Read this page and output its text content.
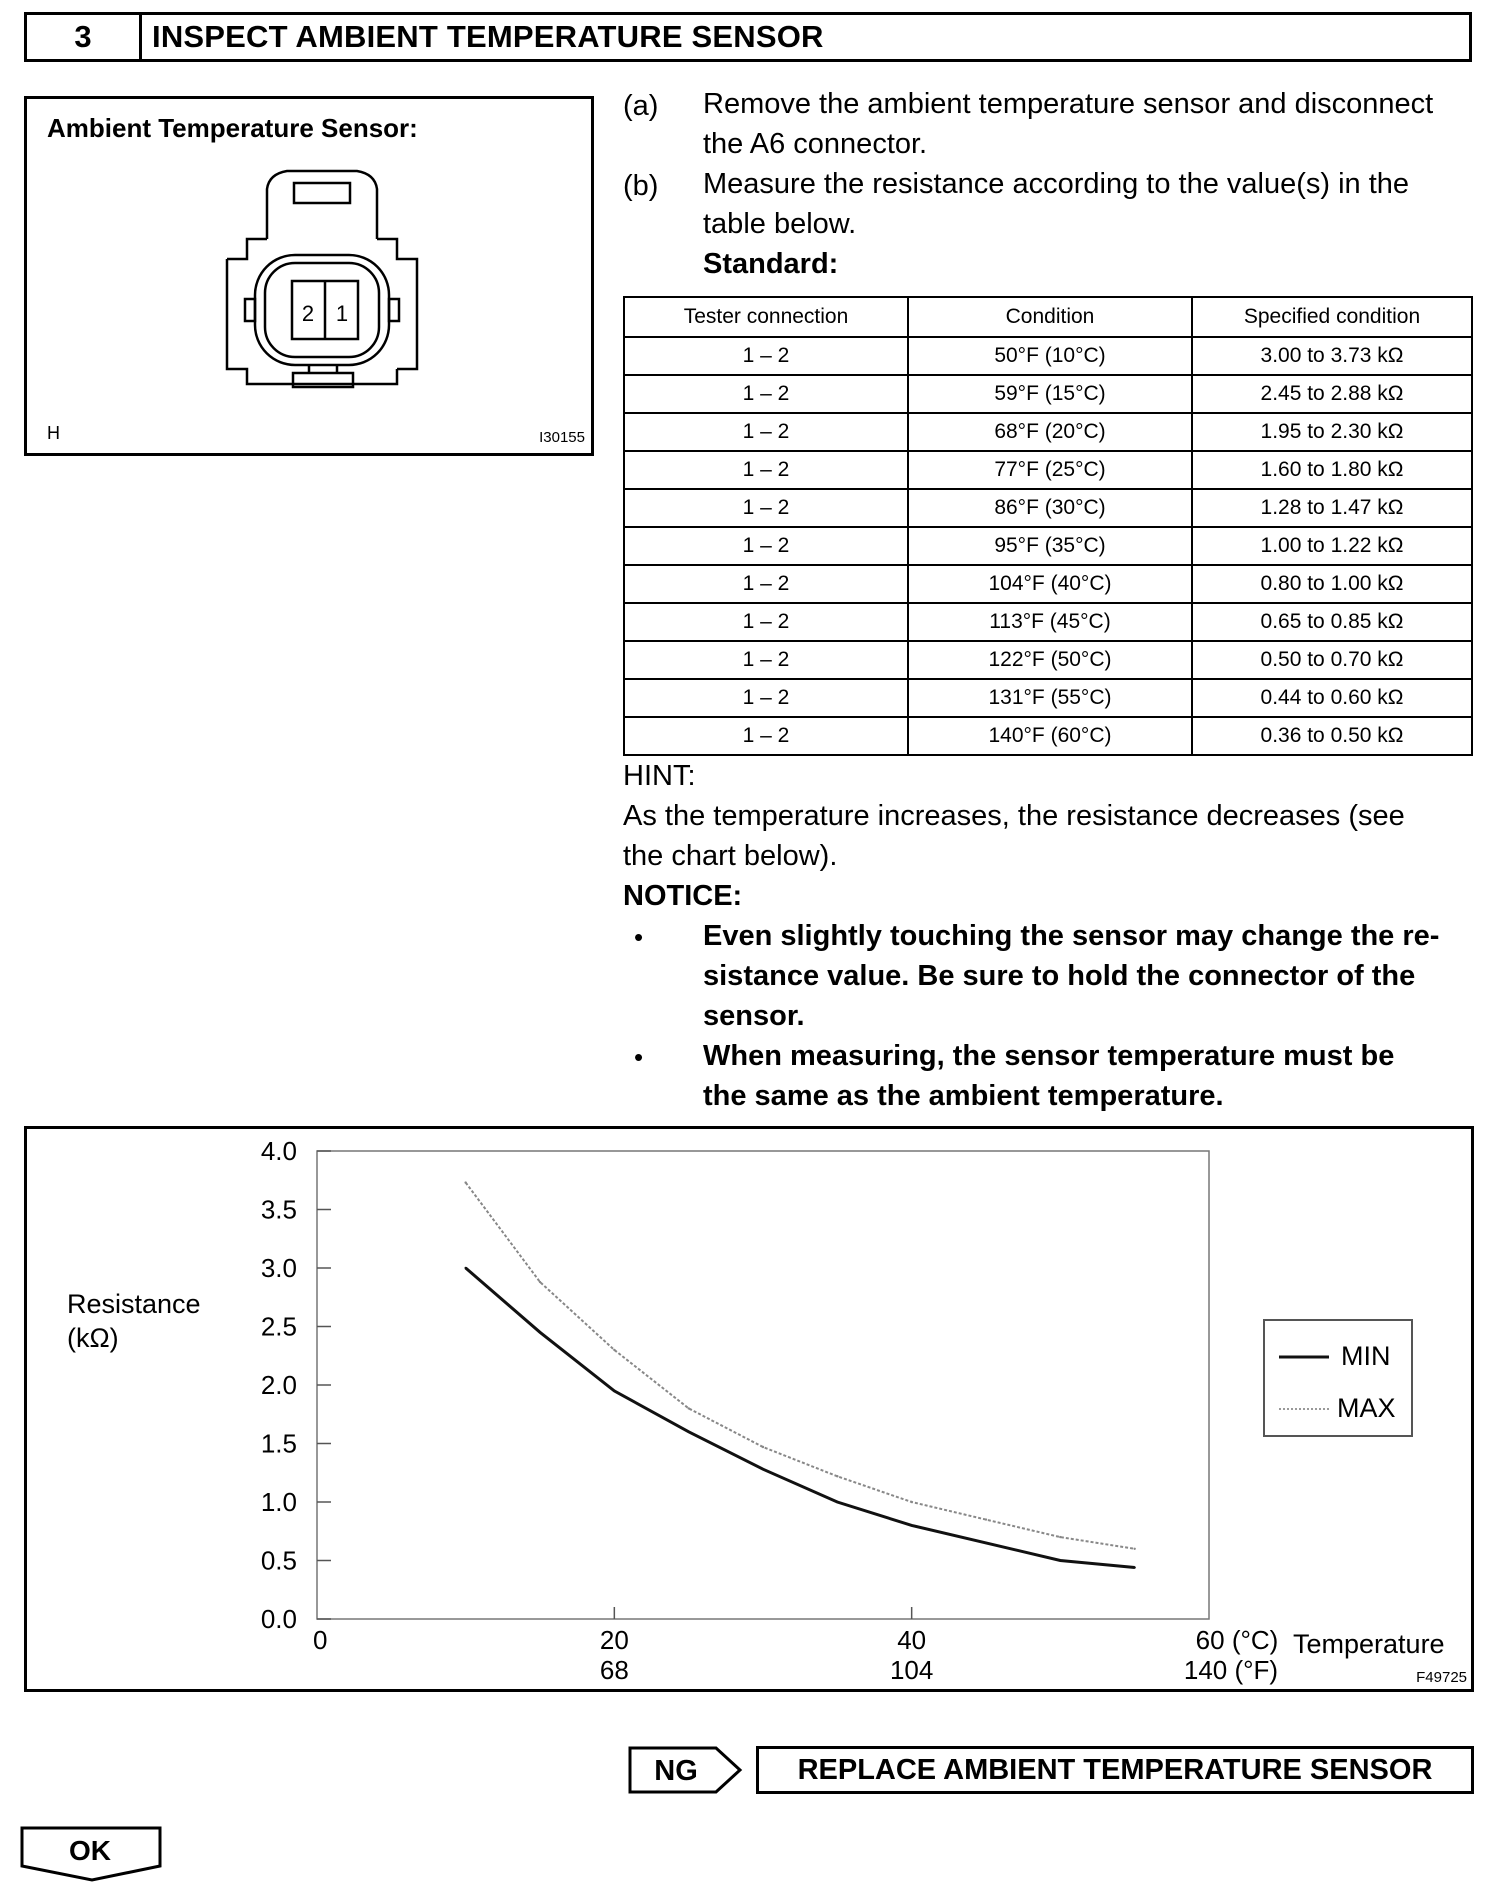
3	INSPECT AMBIENT TEMPERATURE SENSOR
Ambient Temperature Sensor:
2 1
H	I30155
(a) Remove the ambient temperature sensor and disconnect
the A6 connector.
(b) Measure the resistance according to the value(s) in the
table below.
Standard:
Tester connection	Condition	Specified condition
1 – 2	50°F (10°C)	3.00 to 3.73 kΩ
1 – 2	59°F (15°C)	2.45 to 2.88 kΩ
1 – 2	68°F (20°C)	1.95 to 2.30 kΩ
1 – 2	77°F (25°C)	1.60 to 1.80 kΩ
1 – 2	86°F (30°C)	1.28 to 1.47 kΩ
1 – 2	95°F (35°C)	1.00 to 1.22 kΩ
1 – 2	104°F (40°C)	0.80 to 1.00 kΩ
1 – 2	113°F (45°C)	0.65 to 0.85 kΩ
1 – 2	122°F (50°C)	0.50 to 0.70 kΩ
1 – 2	131°F (55°C)	0.44 to 0.60 kΩ
1 – 2	140°F (60°C)	0.36 to 0.50 kΩ
HINT:
As the temperature increases, the resistance decreases (see
the chart below).
NOTICE:
• Even slightly touching the sensor may change the re-
sistance value. Be sure to hold the connector of the
sensor.
• When measuring, the sensor temperature must be
the same as the ambient temperature.
0.0
0.5
1.0
1.5
2.0
2.5
3.0
3.5
4.0
0	20	40	60 (°C)
68	104	140 (°F)
Temperature
Resistance
(kΩ)
MIN
MAX
F49725
NG	REPLACE AMBIENT TEMPERATURE SENSOR
OK
